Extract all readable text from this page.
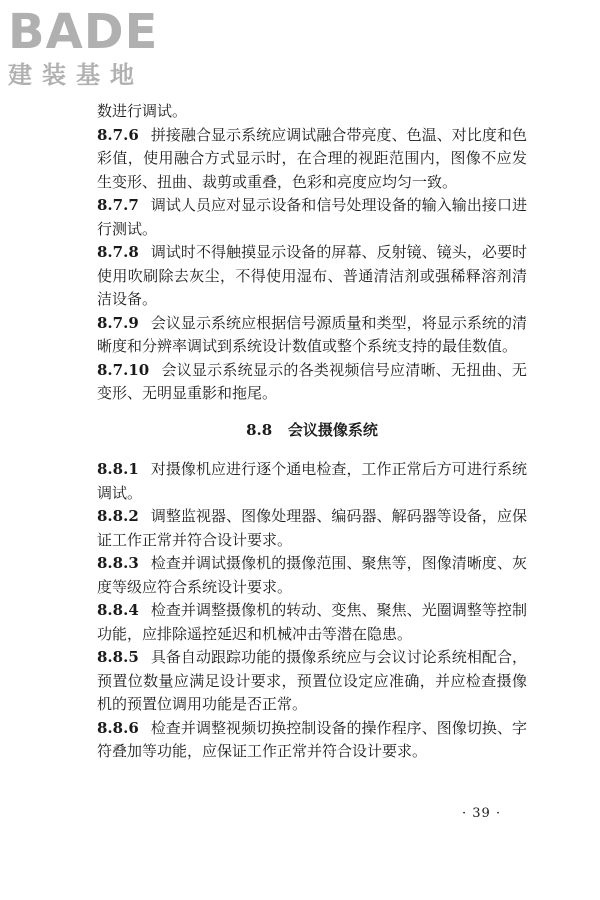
BADE
建装基地

数进行调试。

8.7.6 拼接融合显示系统应调试融合带亮度、色温、对比度和色彩值，使用融合方式显示时，在合理的视距范围内，图像不应发生变形、扭曲、裁剪或重叠，色彩和亮度应均匀一致。

8.7.7 调试人员应对显示设备和信号处理设备的输入输出接口进行测试。

8.7.8 调试时不得触摸显示设备的屏幕、反射镜、镜头，必要时使用吹刷除去灰尘，不得使用湿布、普通清洁剂或强稀释溶剂清洁设备。

8.7.9 会议显示系统应根据信号源质量和类型，将显示系统的清晰度和分辨率调试到系统设计数值或整个系统支持的最佳数值。

8.7.10 会议显示系统显示的各类视频信号应清晰、无扭曲、无变形、无明显重影和拖尾。

8.8 会议摄像系统

8.8.1 对摄像机应进行逐个通电检查，工作正常后方可进行系统调试。

8.8.2 调整监视器、图像处理器、编码器、解码器等设备，应保证工作正常并符合设计要求。

8.8.3 检查并调试摄像机的摄像范围、聚焦等，图像清晰度、灰度等级应符合系统设计要求。

8.8.4 检查并调整摄像机的转动、变焦、聚焦、光圈调整等控制功能，应排除遥控延迟和机械冲击等潜在隐患。

8.8.5 具备自动跟踪功能的摄像系统应与会议讨论系统相配合，预置位数量应满足设计要求，预置位设定应准确，并应检查摄像机的预置位调用功能是否正常。

8.8.6 检查并调整视频切换控制设备的操作程序、图像切换、字符叠加等功能，应保证工作正常并符合设计要求。

· 39 ·
